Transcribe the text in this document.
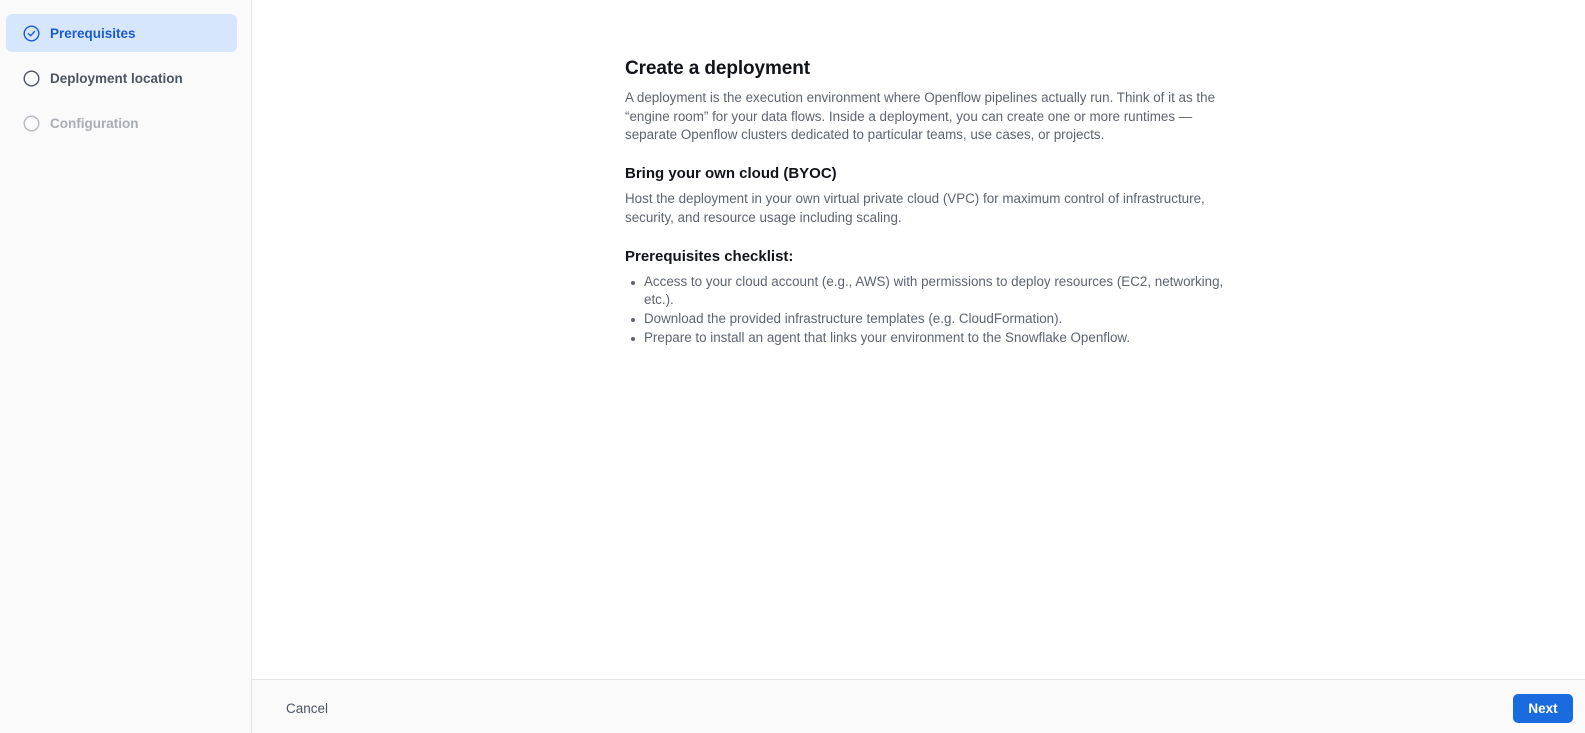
Prerequisites
Deployment location
Configuration
Create a deployment

A deployment is the execution environment where Openflow pipelines actually run. Think of it as the “engine room” for your data flows. Inside a deployment, you can create one or more runtimes — separate Openflow clusters dedicated to particular teams, use cases, or projects.

Bring your own cloud (BYOC)

Host the deployment in your own virtual private cloud (VPC) for maximum control of infrastructure, security, and resource usage including scaling.

Prerequisites checklist:
Access to your cloud account (e.g., AWS) with permissions to deploy resources (EC2, networking, etc.).
Download the provided infrastructure templates (e.g. CloudFormation).
Prepare to install an agent that links your environment to the Snowflake Openflow.
Cancel	Next
